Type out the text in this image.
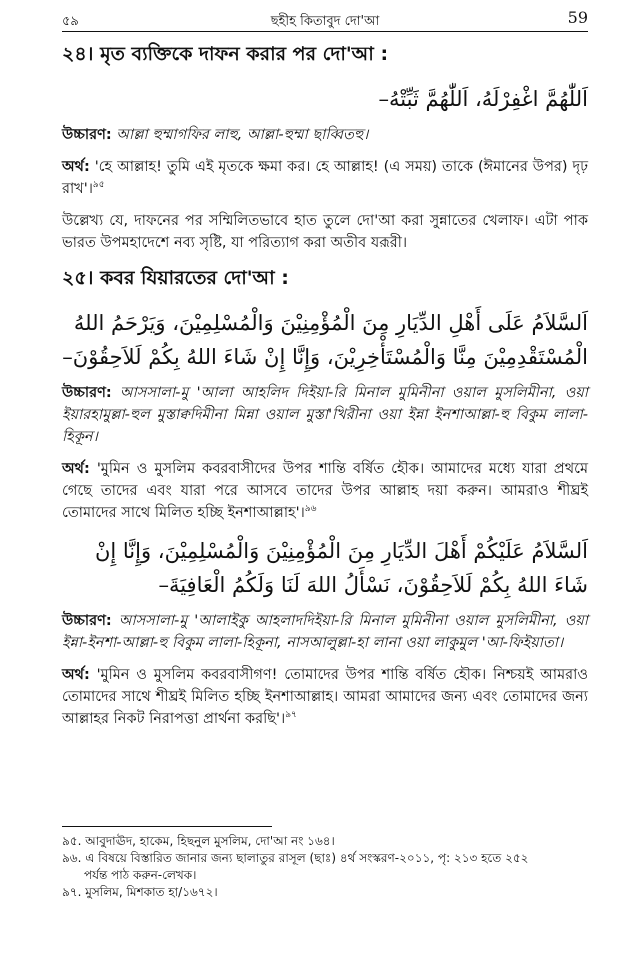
৫৯	ছহীহ কিতাবুদ দো'আ	59
২৪। মৃত ব্যক্তিকে দাফন করার পর দো'আ :
اَللّٰهُمَّ اغْفِرْلَهُ، اَللّٰهُمَّ ثَبِّتْهُ–

উচ্চারণ: আল্লা হুম্মাগফির লাহু, আল্লা-হুম্মা ছাব্বিতহু।

অর্থ: 'হে আল্লাহ! তুমি এই মৃতকে ক্ষমা কর। হে আল্লাহ! (এ সময়) তাকে (ঈমানের উপর) দৃঢ় রাখ'।$^{৯৫}$

উল্লেখ্য যে, দাফনের পর সম্মিলিতভাবে হাত তুলে দো'আ করা সুন্নাতের খেলাফ। এটা পাক ভারত উপমহাদেশে নব্য সৃষ্টি, যা পরিত্যাগ করা অতীব যরূরী।

২৫। কবর যিয়ারতের দো'আ :
اَلسَّلاَمُ عَلَى أَهْلِ الدِّيَارِ مِنَ الْمُؤْمِنِيْنَ وَالْمُسْلِمِيْنَ، وَيَرْحَمُ اللهُ الْمُسْتَقْدِمِيْنَ مِنَّا وَالْمُسْتَأْخِرِيْنَ، وَإِنَّا إِنْ شَاءَ اللهُ بِكُمْ لَلاَحِقُوْنَ–

উচ্চারণ: আসসালা-মু 'আলা আহলিদ দিইয়া-রি মিনাল মুমিনীনা ওয়াল মুসলিমীনা, ওয়া ইয়ারহামুল্লা-হুল মুস্তাক্বদিমীনা মিন্না ওয়াল মুস্তা'খিরীনা ওয়া ইন্না ইনশাআল্লা-হু বিকুম লালা-হিকূন।

অর্থ: 'মুমিন ও মুসলিম কবরবাসীদের উপর শান্তি বর্ষিত হৌক। আমাদের মধ্যে যারা প্রথমে গেছে তাদের এবং যারা পরে আসবে তাদের উপর আল্লাহ দয়া করুন। আমরাও শীঘ্রই তোমাদের সাথে মিলিত হচ্ছি ইনশাআল্লাহ'।$^{৯৬}$

اَلسَّلاَمُ عَلَيْكُمْ أَهْلَ الدِّيَارِ مِنَ الْمُؤْمِنِيْنَ وَالْمُسْلِمِيْنَ، وَإِنَّا إِنْ شَاءَ اللهُ بِكُمْ لَلاَحِقُوْنَ، نَسْأَلُ اللهَ لَنَا وَلَكُمُ الْعَافِيَةَ–

উচ্চারণ: আসসালা-মু 'আলাইকু আহলাদদিইয়া-রি মিনাল মুমিনীনা ওয়াল মুসলিমীনা, ওয়া ইন্না-ইনশা-আল্লা-হু বিকুম লালা-হিকূনা, নাসআলুল্লা-হা লানা ওয়া লাকুমুল 'আ-ফিইয়াতা।

অর্থ: 'মুমিন ও মুসলিম কবরবাসীগণ! তোমাদের উপর শান্তি বর্ষিত হৌক। নিশ্চয়ই আমরাও তোমাদের সাথে শীঘ্রই মিলিত হচ্ছি ইনশাআল্লাহ। আমরা আমাদের জন্য এবং তোমাদের জন্য আল্লাহর নিকট নিরাপত্তা প্রার্থনা করছি'।$^{৯৭}$

৯৫. আবুদাঊদ, হাকেম, হিছনুল মুসলিম, দো'আ নং ১৬৪।

৯৬. এ বিষয়ে বিস্তারিত জানার জন্য ছালাতুর রাসূল (ছাঃ) ৪র্থ সংস্করণ-২০১১, পৃ: ২১৩ হতে ২৫২

পর্যন্ত পাঠ করুন-লেখক।

৯৭. মুসলিম, মিশকাত হা/১৬৭২।
